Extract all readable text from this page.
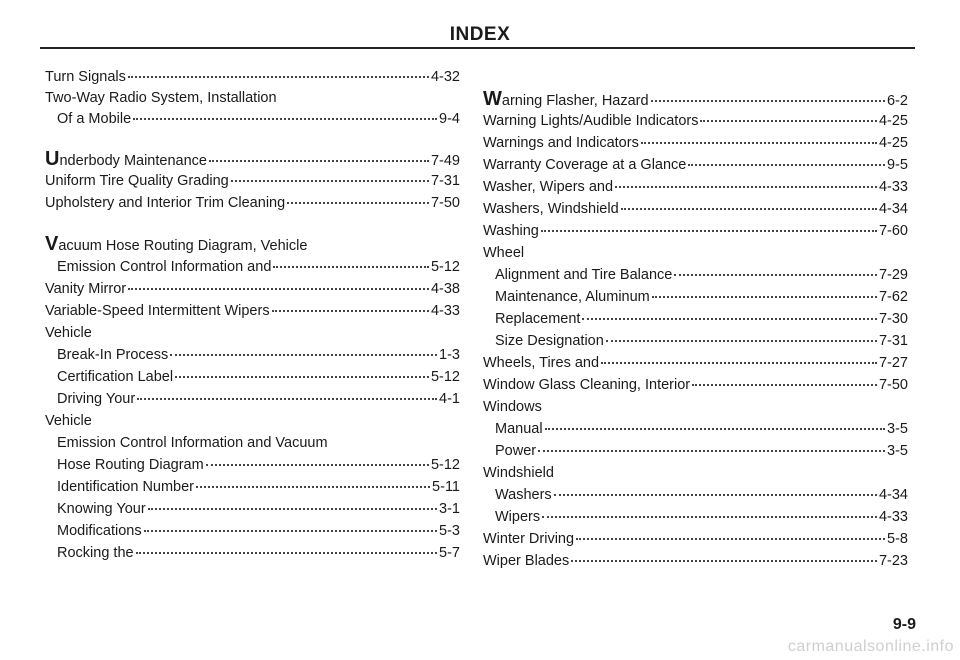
INDEX
Turn Signals	4-32
Two-Way Radio System, Installation
Of a Mobile	9-4
Underbody Maintenance	7-49
Uniform Tire Quality Grading	7-31
Upholstery and Interior Trim Cleaning	7-50
Vacuum Hose Routing Diagram, Vehicle
Emission Control Information and	5-12
Vanity Mirror	4-38
Variable-Speed Intermittent Wipers	4-33
Vehicle
Break-In Process	1-3
Certification Label	5-12
Driving Your	4-1
Vehicle
Emission Control Information and Vacuum
Hose Routing Diagram	5-12
Identification Number	5-11
Knowing Your	3-1
Modifications	5-3
Rocking the	5-7
Warning Flasher, Hazard	6-2
Warning Lights/Audible Indicators	4-25
Warnings and Indicators	4-25
Warranty Coverage at a Glance	9-5
Washer, Wipers and	4-33
Washers, Windshield	4-34
Washing	7-60
Wheel
Alignment and Tire Balance	7-29
Maintenance, Aluminum	7-62
Replacement	7-30
Size Designation	7-31
Wheels, Tires and	7-27
Window Glass Cleaning, Interior	7-50
Windows
Manual	3-5
Power	3-5
Windshield
Washers	4-34
Wipers	4-33
Winter Driving	5-8
Wiper Blades	7-23
9-9
carmanualsonline.info
